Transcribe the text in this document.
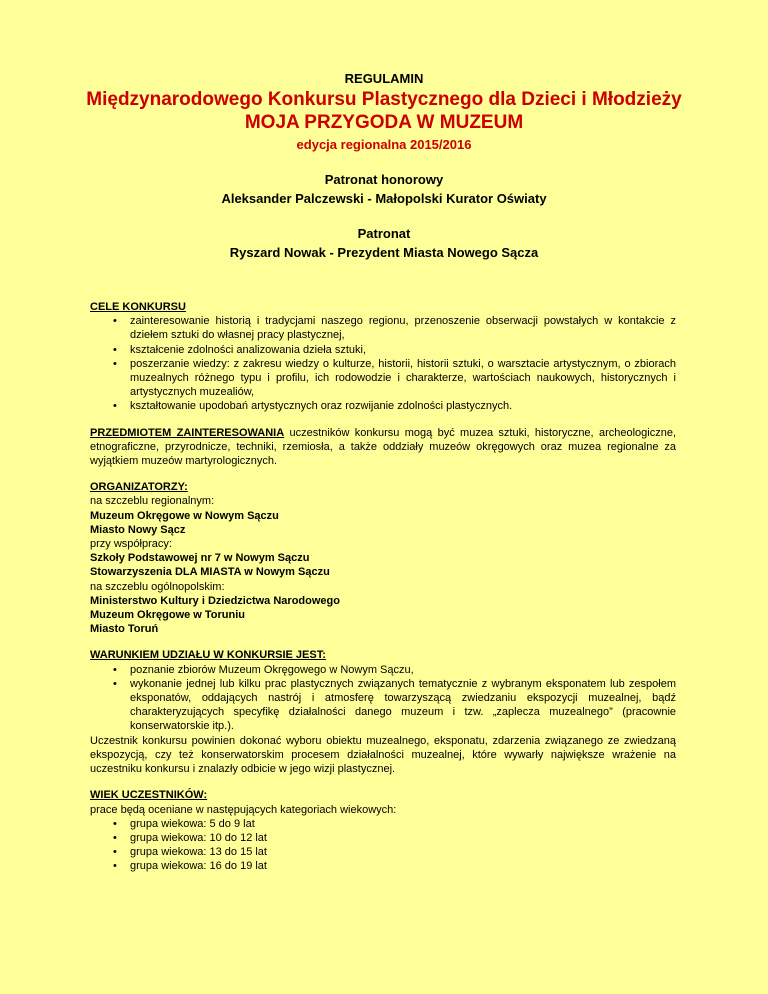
REGULAMIN

Międzynarodowego Konkursu Plastycznego dla Dzieci i Młodzieży

MOJA PRZYGODA W MUZEUM

edycja regionalna 2015/2016

Patronat honorowy

Aleksander Palczewski - Małopolski Kurator Oświaty

Patronat

Ryszard Nowak - Prezydent Miasta Nowego Sącza

CELE KONKURSU
• zainteresowanie historią i tradycjami naszego regionu, przenoszenie obserwacji powstałych w kontakcie z dziełem sztuki do własnej pracy plastycznej,
• kształcenie zdolności analizowania dzieła sztuki,
• poszerzanie wiedzy: z zakresu wiedzy o kulturze, historii, historii sztuki, o warsztacie artystycznym, o zbiorach muzealnych różnego typu i profilu, ich rodowodzie i charakterze, wartościach naukowych, historycznych i artystycznych muzealiów,
• kształtowanie upodobań artystycznych oraz rozwijanie zdolności plastycznych.

PRZEDMIOTEM ZAINTERESOWANIA uczestników konkursu mogą być muzea sztuki, historyczne, archeologiczne, etnograficzne, przyrodnicze, techniki, rzemiosła, a także oddziały muzeów okręgowych oraz muzea regionalne za wyjątkiem muzeów martyrologicznych.

ORGANIZATORZY:
na szczeblu regionalnym:
Muzeum Okręgowe w Nowym Sączu
Miasto Nowy Sącz
przy współpracy:
Szkoły Podstawowej nr 7 w Nowym Sączu
Stowarzyszenia DLA MIASTA w Nowym Sączu
na szczeblu ogólnopolskim:
Ministerstwo Kultury i Dziedzictwa Narodowego
Muzeum Okręgowe w Toruniu
Miasto Toruń
WARUNKIEM UDZIAŁU W KONKURSIE JEST:
• poznanie zbiorów Muzeum Okręgowego w Nowym Sączu,
• wykonanie jednej lub kilku prac plastycznych związanych tematycznie z wybranym eksponatem lub zespołem eksponatów, oddających nastrój i atmosferę towarzyszącą zwiedzaniu ekspozycji muzealnej, bądź charakteryzujących specyfikę działalności danego muzeum i tzw. „zaplecza muzealnego” (pracownie konserwatorskie itp.).

Uczestnik konkursu powinien dokonać wyboru obiektu muzealnego, eksponatu, zdarzenia związanego ze zwiedzaną ekspozycją, czy też konserwatorskim procesem działalności muzealnej, które wywarły największe wrażenie na uczestniku konkursu i znalazły odbicie w jego wizji plastycznej.

WIEK UCZESTNIKÓW:
prace będą oceniane w następujących kategoriach wiekowych:
• grupa wiekowa: 5 do 9 lat
• grupa wiekowa: 10 do 12 lat
• grupa wiekowa: 13 do 15 lat
• grupa wiekowa: 16 do 19 lat
